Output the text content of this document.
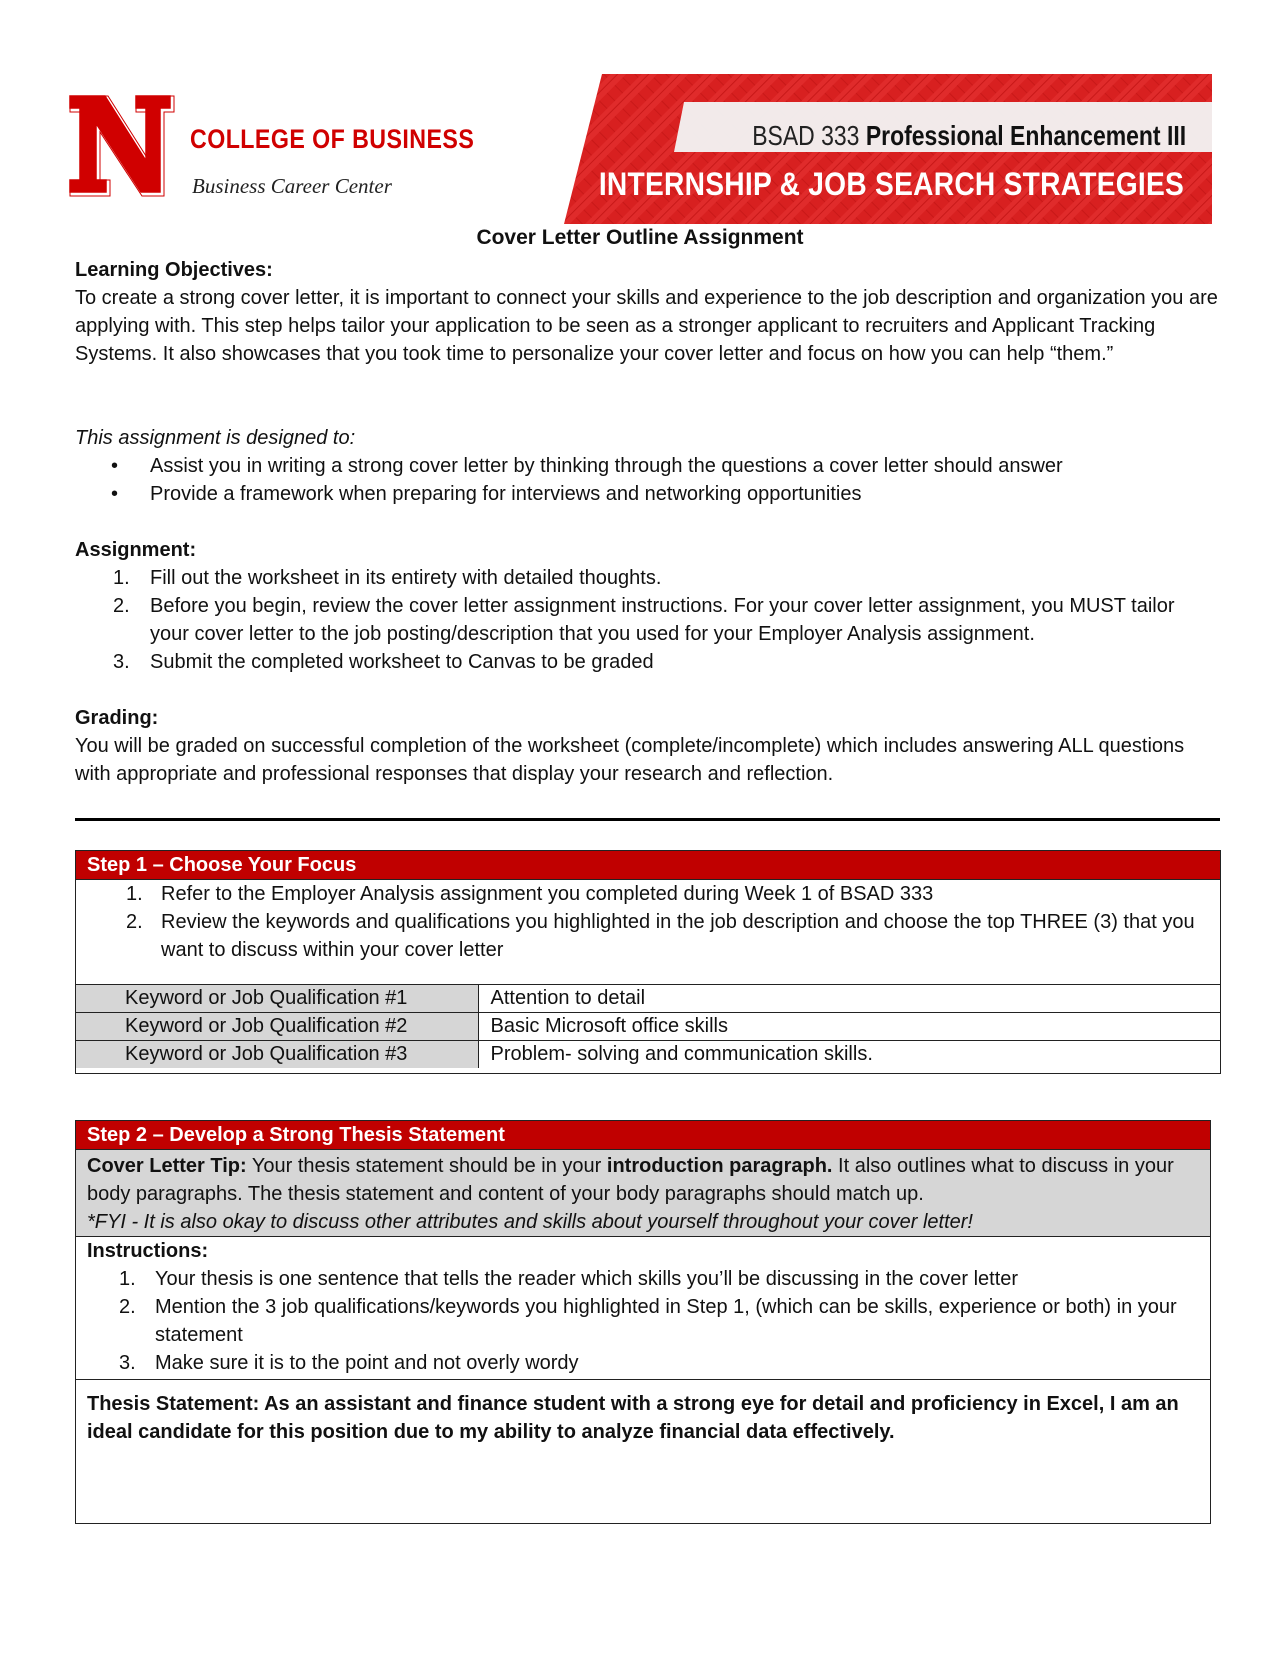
COLLEGE OF BUSINESS
Business Career Center
BSAD 333 Professional Enhancement III
INTERNSHIP & JOB SEARCH STRATEGIES
Cover Letter Outline Assignment
Learning Objectives:
To create a strong cover letter, it is important to connect your skills and experience to the job description and organization you are applying with. This step helps tailor your application to be seen as a stronger applicant to recruiters and Applicant Tracking Systems. It also showcases that you took time to personalize your cover letter and focus on how you can help “them.”
This assignment is designed to:
• Assist you in writing a strong cover letter by thinking through the questions a cover letter should answer
• Provide a framework when preparing for interviews and networking opportunities
Assignment:
1. Fill out the worksheet in its entirety with detailed thoughts.
2. Before you begin, review the cover letter assignment instructions. For your cover letter assignment, you MUST tailor your cover letter to the job posting/description that you used for your Employer Analysis assignment.
3. Submit the completed worksheet to Canvas to be graded
Grading:
You will be graded on successful completion of the worksheet (complete/incomplete) which includes answering ALL questions with appropriate and professional responses that display your research and reflection.
Step 1 – Choose Your Focus
1. Refer to the Employer Analysis assignment you completed during Week 1 of BSAD 333
2. Review the keywords and qualifications you highlighted in the job description and choose the top THREE (3) that you want to discuss within your cover letter
Keyword or Job Qualification #1	Attention to detail
Keyword or Job Qualification #2	Basic Microsoft office skills
Keyword or Job Qualification #3	Problem- solving and communication skills.
Step 2 – Develop a Strong Thesis Statement
Cover Letter Tip: Your thesis statement should be in your introduction paragraph. It also outlines what to discuss in your body paragraphs. The thesis statement and content of your body paragraphs should match up.
*FYI - It is also okay to discuss other attributes and skills about yourself throughout your cover letter!
Instructions:
1. Your thesis is one sentence that tells the reader which skills you’ll be discussing in the cover letter
2. Mention the 3 job qualifications/keywords you highlighted in Step 1, (which can be skills, experience or both) in your statement
3. Make sure it is to the point and not overly wordy
Thesis Statement: As an assistant and finance student with a strong eye for detail and proficiency in Excel, I am an ideal candidate for this position due to my ability to analyze financial data effectively.
